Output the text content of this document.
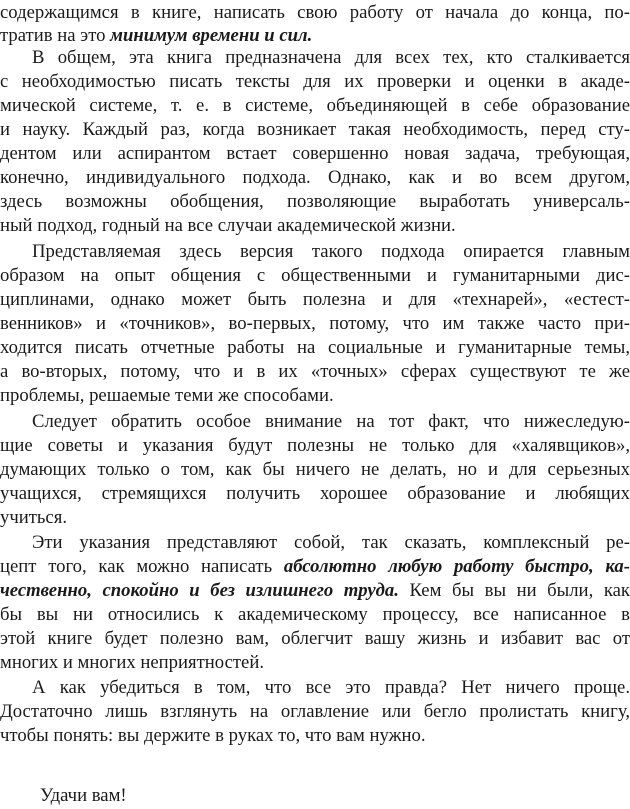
содержащимся в книге, написать свою работу от начала до конца, по-
тратив на это минимум времени и сил.
В общем, эта книга предназначена для всех тех, кто сталкивается
с необходимостью писать тексты для их проверки и оценки в акаде-
мической системе, т. е. в системе, объединяющей в себе образование
и науку. Каждый раз, когда возникает такая необходимость, перед сту-
дентом или аспирантом встает совершенно новая задача, требующая,
конечно, индивидуального подхода. Однако, как и во всем другом,
здесь возможны обобщения, позволяющие выработать универсаль-
ный подход, годный на все случаи академической жизни.
Представляемая здесь версия такого подхода опирается главным
образом на опыт общения с общественными и гуманитарными дис-
циплинами, однако может быть полезна и для «технарей», «естест-
венников» и «точников», во-первых, потому, что им также часто при-
ходится писать отчетные работы на социальные и гуманитарные темы,
а во-вторых, потому, что и в их «точных» сферах существуют те же
проблемы, решаемые теми же способами.
Следует обратить особое внимание на тот факт, что нижеследую-
щие советы и указания будут полезны не только для «халявщиков»,
думающих только о том, как бы ничего не делать, но и для серьезных
учащихся, стремящихся получить хорошее образование и любящих
учиться.
Эти указания представляют собой, так сказать, комплексный ре-
цепт того, как можно написать абсолютно любую работу быстро, ка-
чественно, спокойно и без излишнего труда. Кем бы вы ни были, как
бы вы ни относились к академическому процессу, все написанное в
этой книге будет полезно вам, облегчит вашу жизнь и избавит вас от
многих и многих неприятностей.
А как убедиться в том, что все это правда? Нет ничего проще.
Достаточно лишь взглянуть на оглавление или бегло пролистать книгу,
чтобы понять: вы держите в руках то, что вам нужно.
Удачи вам!
